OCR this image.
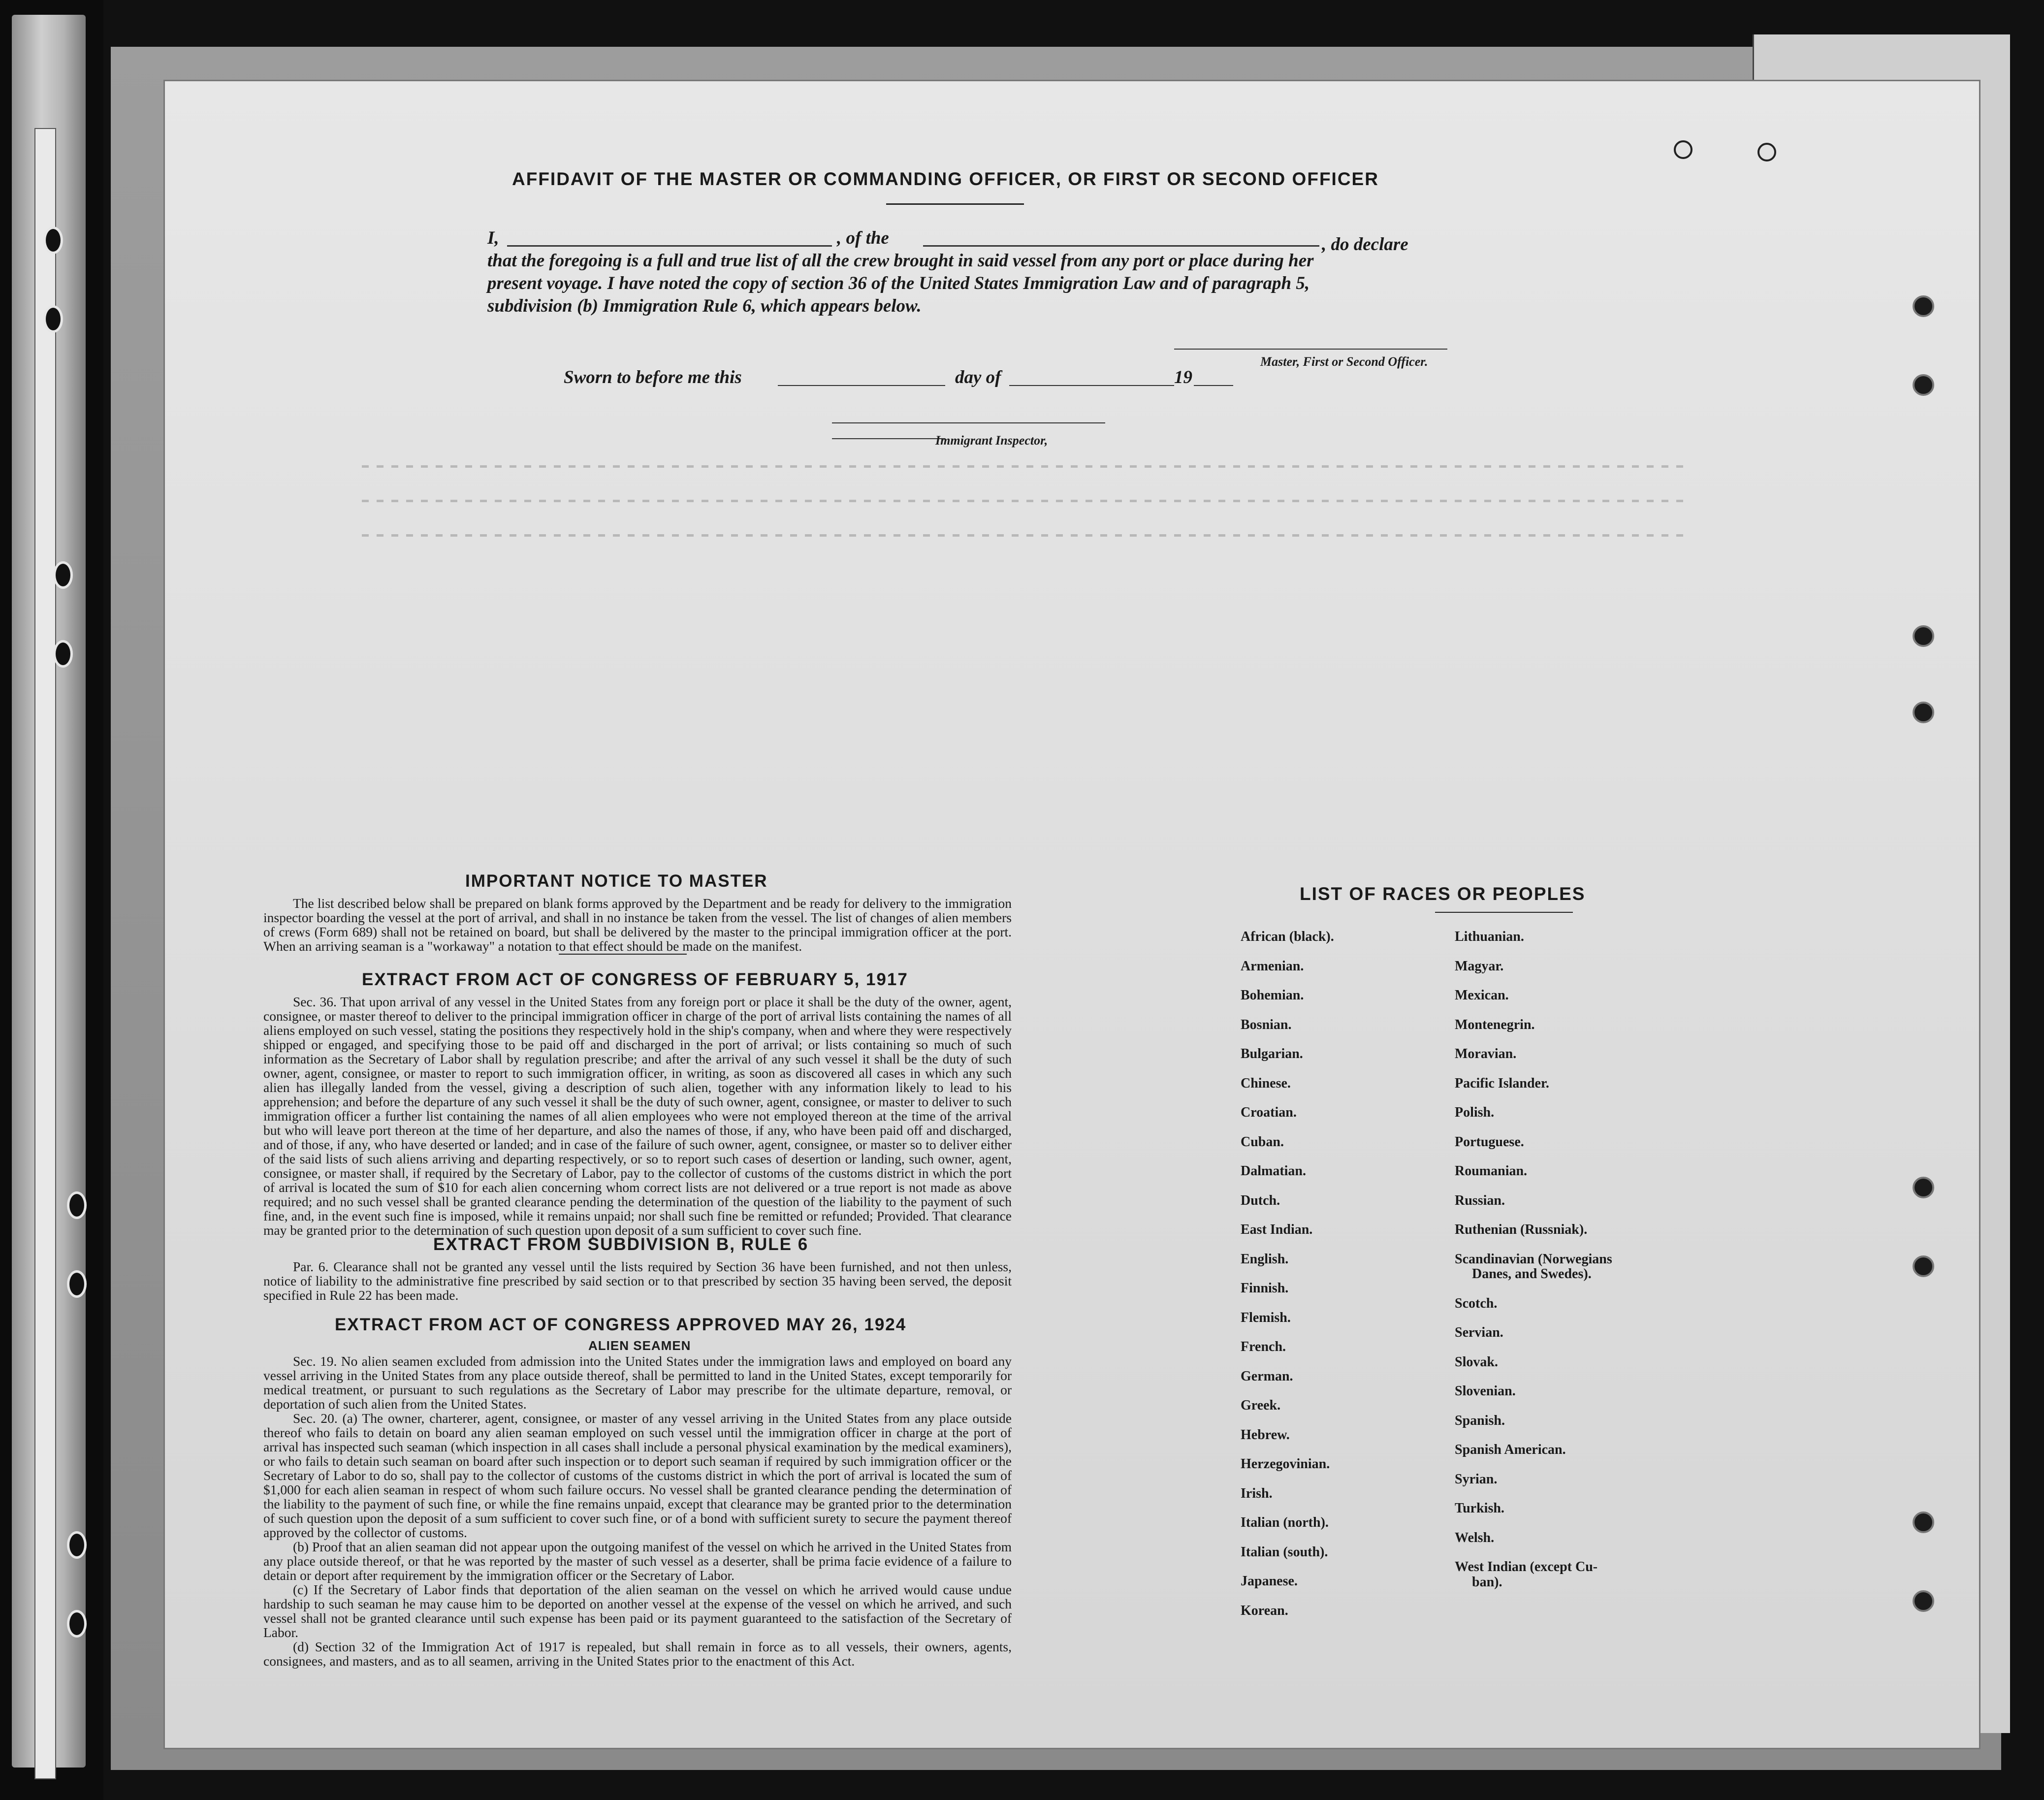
AFFIDAVIT OF THE MASTER OR COMMANDING OFFICER, OR FIRST OR SECOND OFFICER
I,	, of the	, do declare
that the foregoing is a full and true list of all the crew brought in said vessel from any port or place during her
present voyage. I have noted the copy of section 36 of the United States Immigration Law and of paragraph 5,
subdivision (b) Immigration Rule 6, which appears below.
Master, First or Second Officer.
Sworn to before me this	day of	19
Immigrant Inspector,
IMPORTANT NOTICE TO MASTER

The list described below shall be prepared on blank forms approved by the Department and be ready for delivery to the immigration inspector boarding the vessel at the port of arrival, and shall in no instance be taken from the vessel. The list of changes of alien members of crews (Form 689) shall not be retained on board, but shall be delivered by the master to the principal immigration officer at the port. When an arriving seaman is a "workaway" a notation to that effect should be made on the manifest.

EXTRACT FROM ACT OF CONGRESS OF FEBRUARY 5, 1917

Sec. 36. That upon arrival of any vessel in the United States from any foreign port or place it shall be the duty of the owner, agent, consignee, or master thereof to deliver to the principal immigration officer in charge of the port of arrival lists containing the names of all aliens employed on such vessel, stating the positions they respectively hold in the ship's company, when and where they were respectively shipped or engaged, and specifying those to be paid off and discharged in the port of arrival; or lists containing so much of such information as the Secretary of Labor shall by regulation prescribe; and after the arrival of any such vessel it shall be the duty of such owner, agent, consignee, or master to report to such immigration officer, in writing, as soon as discovered all cases in which any such alien has illegally landed from the vessel, giving a description of such alien, together with any information likely to lead to his apprehension; and before the departure of any such vessel it shall be the duty of such owner, agent, consignee, or master to deliver to such immigration officer a further list containing the names of all alien employees who were not employed thereon at the time of the arrival but who will leave port thereon at the time of her departure, and also the names of those, if any, who have been paid off and discharged, and of those, if any, who have deserted or landed; and in case of the failure of such owner, agent, consignee, or master so to deliver either of the said lists of such aliens arriving and departing respectively, or so to report such cases of desertion or landing, such owner, agent, consignee, or master shall, if required by the Secretary of Labor, pay to the collector of customs of the customs district in which the port of arrival is located the sum of $10 for each alien concerning whom correct lists are not delivered or a true report is not made as above required; and no such vessel shall be granted clearance pending the determination of the question of the liability to the payment of such fine, and, in the event such fine is imposed, while it remains unpaid; nor shall such fine be remitted or refunded; Provided. That clearance may be granted prior to the determination of such question upon deposit of a sum sufficient to cover such fine.

EXTRACT FROM SUBDIVISION B, RULE 6

Par. 6. Clearance shall not be granted any vessel until the lists required by Section 36 have been furnished, and not then unless, notice of liability to the administrative fine prescribed by said section or to that prescribed by section 35 having been served, the deposit specified in Rule 22 has been made.

EXTRACT FROM ACT OF CONGRESS APPROVED MAY 26, 1924
ALIEN SEAMEN

Sec. 19. No alien seamen excluded from admission into the United States under the immigration laws and employed on board any vessel arriving in the United States from any place outside thereof, shall be permitted to land in the United States, except temporarily for medical treatment, or pursuant to such regulations as the Secretary of Labor may prescribe for the ultimate departure, removal, or deportation of such alien from the United States.

Sec. 20. (a) The owner, charterer, agent, consignee, or master of any vessel arriving in the United States from any place outside thereof who fails to detain on board any alien seaman employed on such vessel until the immigration officer in charge at the port of arrival has inspected such seaman (which inspection in all cases shall include a personal physical examination by the medical examiners), or who fails to detain such seaman on board after such inspection or to deport such seaman if required by such immigration officer or the Secretary of Labor to do so, shall pay to the collector of customs of the customs district in which the port of arrival is located the sum of $1,000 for each alien seaman in respect of whom such failure occurs. No vessel shall be granted clearance pending the determination of the liability to the payment of such fine, or while the fine remains unpaid, except that clearance may be granted prior to the determination of such question upon the deposit of a sum sufficient to cover such fine, or of a bond with sufficient surety to secure the payment thereof approved by the collector of customs.

(b) Proof that an alien seaman did not appear upon the outgoing manifest of the vessel on which he arrived in the United States from any place outside thereof, or that he was reported by the master of such vessel as a deserter, shall be prima facie evidence of a failure to detain or deport after requirement by the immigration officer or the Secretary of Labor.

(c) If the Secretary of Labor finds that deportation of the alien seaman on the vessel on which he arrived would cause undue hardship to such seaman he may cause him to be deported on another vessel at the expense of the vessel on which he arrived, and such vessel shall not be granted clearance until such expense has been paid or its payment guaranteed to the satisfaction of the Secretary of Labor.

(d) Section 32 of the Immigration Act of 1917 is repealed, but shall remain in force as to all vessels, their owners, agents, consignees, and masters, and as to all seamen, arriving in the United States prior to the enactment of this Act.

LIST OF RACES OR PEOPLES
African (black).
Armenian.
Bohemian.
Bosnian.
Bulgarian.
Chinese.
Croatian.
Cuban.
Dalmatian.
Dutch.
East Indian.
English.
Finnish.
Flemish.
French.
German.
Greek.
Hebrew.
Herzegovinian.
Irish.
Italian (north).
Italian (south).
Japanese.
Korean.
Lithuanian.
Magyar.
Mexican.
Montenegrin.
Moravian.
Pacific Islander.
Polish.
Portuguese.
Roumanian.
Russian.
Ruthenian (Russniak).
Scandinavian (Norwegians
Danes, and Swedes).
Scotch.
Servian.
Slovak.
Slovenian.
Spanish.
Spanish American.
Syrian.
Turkish.
Welsh.
West Indian (except Cu-
ban).
